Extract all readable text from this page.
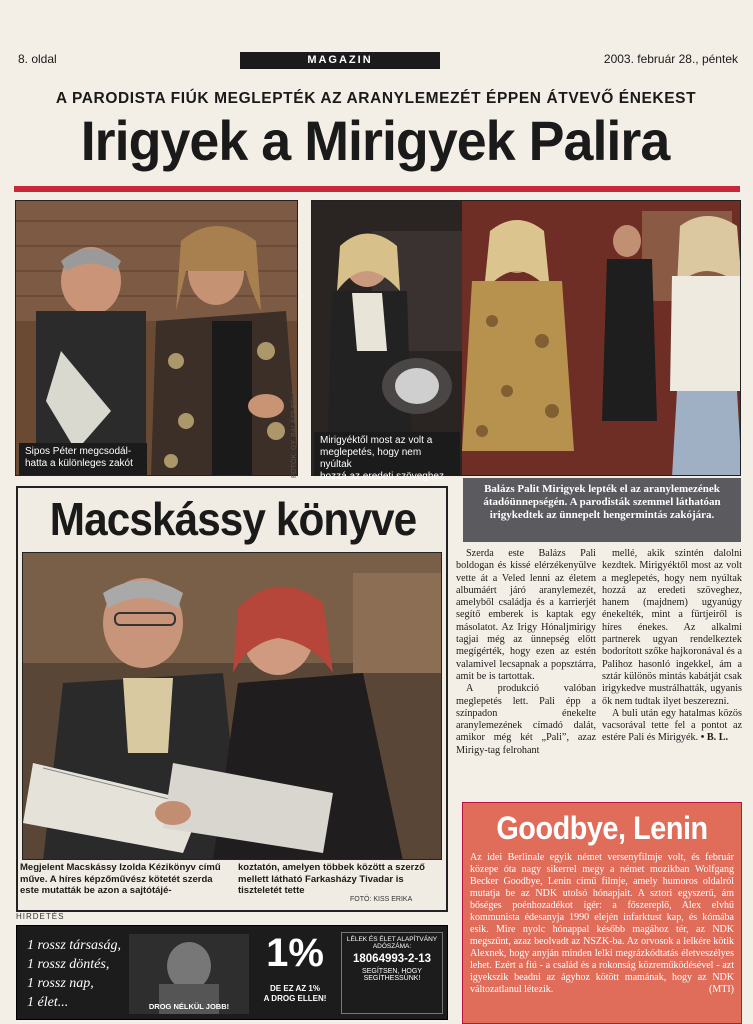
8. oldal	MAGAZIN	2003. február 28., péntek
A PARODISTA FIÚK MEGLEPTÉK AZ ARANYLEMEZÉT ÉPPEN ÁTVEVŐ ÉNEKEST
Irigyek a Mirigyek Palira
Sipos Péter megcsodál-
hatta a különleges zakót	FOTÓK: GY. BALÁZS BÉLA Mirigyéktől most az volt a
meglepetés, hogy nem nyúltak
hozzá az eredeti szöveghez
Balázs Palit Mirigyek lepték el az aranylemezének átadóünnepségén. A parodisták szemmel láthatóan irigykedtek az ünnepelt hengermintás zakójára.

Szerda este Balázs Pali boldogan és kissé elérzékenyülve vette át a Veled lenni az életem albumáért járó aranylemezét, amelyből családja és a karrierjét segítő emberek is kaptak egy másolatot. Az Irigy Hónaljmirigy tagjai még az ünnepség előtt megígérték, hogy ezen az estén valamivel lecsapnak a popsztárra, amit be is tartottak.

A produkció valóban meglepetés lett. Pali épp a színpadon énekelte aranylemezének címadó dalát, amikor még két „Pali”, azaz Mirigy-tag felrohant

mellé, akik szintén dalolni kezdtek. Mirigyéktől most az volt a meglepetés, hogy nem nyúltak hozzá az eredeti szöveghez, hanem (majdnem) ugyanúgy énekelték, mint a fürtjeiről is híres énekes. Az alkalmi partnerek ugyan rendelkeztek bodorított szőke hajkoronával és a Palihoz hasonló ingekkel, ám a sztár különös mintás kabátját csak irigykedve mustrálhatták, ugyanis ők nem tudtak ilyet beszerezni.

A buli után egy hatalmas közös vacsorával tette fel a pontot az estére Pali és Mirigyék. • B. L.

Macskássy könyve
Megjelent Macskássy Izolda Kézikönyv című műve. A híres képzőművész kötetét szerda este mutatták be azon a sajtótájé-
koztatón, amelyen többek között a szerző mellett látható Farkasházy Tivadar is tiszteletét tette
FOTÓ: KISS ERIKA
Goodbye, Lenin
Az idei Berlinale egyik német versenyfilmje volt, és február közepe óta nagy sikerrel megy a német mozikban Wolfgang Becker Goodbye, Lenin című filmje, amely humoros oldalról mutatja be az NDK utolsó hónapjait. A sztori egyszerű, ám bőséges poénhozadékot ígér: a főszereplő, Alex elvhű kommunista édesanyja 1990 elején infarktust kap, és kómába esik. Mire nyolc hónappal később magához tér, az NDK megszűnt, azaz beolvadt az NSZK-ba. Az orvosok a lelkére kötik Alexnek, hogy anyján minden lelki megrázkódtatás életveszélyes lehet. Ezért a fiú - a család és a rokonság közreműködésével - azt igyekszik beadni az ágyhoz kötött mamának, hogy az NDK változatlanul létezik.	(MTI)
HIRDETÉS
1 rossz társaság,
1 rossz döntés,
1 rossz nap,
1 élet...	DROG NÉLKÜL JOBB!
1%
DE EZ AZ 1%
A DROG ELLEN!
LÉLEK ÉS ÉLET ALAPÍTVÁNY
ADÓSZÁMA:
18064993-2-13
SEGÍTSEN, HOGY
SEGÍTHESSÜNK!
